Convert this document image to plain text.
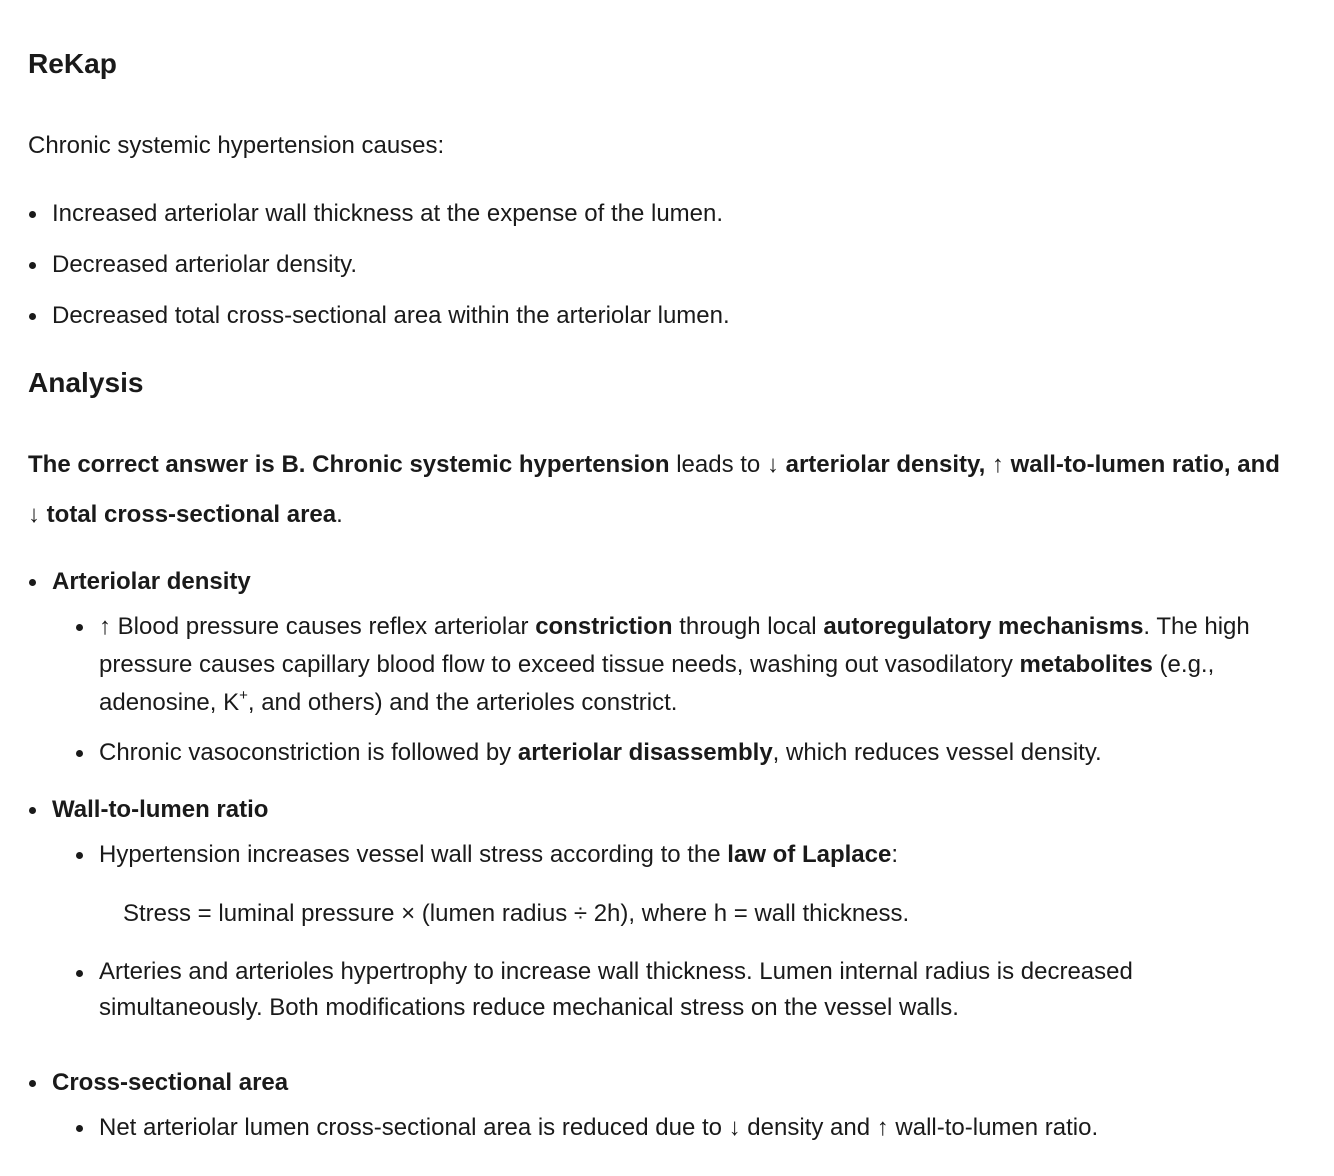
ReKap

Chronic systemic hypertension causes:

Increased arteriolar wall thickness at the expense of the lumen.
Decreased arteriolar density.
Decreased total cross-sectional area within the arteriolar lumen.
Analysis

The correct answer is B. Chronic systemic hypertension leads to ↓ arteriolar density, ↑ wall-to-lumen ratio, and ↓ total cross-sectional area.

Arteriolar density
↑ Blood pressure causes reflex arteriolar constriction through local autoregulatory mechanisms. The high pressure causes capillary blood flow to exceed tissue needs, washing out vasodilatory metabolites (e.g., adenosine, K+, and others) and the arterioles constrict.
Chronic vasoconstriction is followed by arteriolar disassembly, which reduces vessel density.
Wall-to-lumen ratio
Hypertension increases vessel wall stress according to the law of Laplace:
Stress = luminal pressure × (lumen radius ÷ 2h), where h = wall thickness.
Arteries and arterioles hypertrophy to increase wall thickness. Lumen internal radius is decreased simultaneously. Both modifications reduce mechanical stress on the vessel walls.
Cross-sectional area
Net arteriolar lumen cross-sectional area is reduced due to ↓ density and ↑ wall-to-lumen ratio.
